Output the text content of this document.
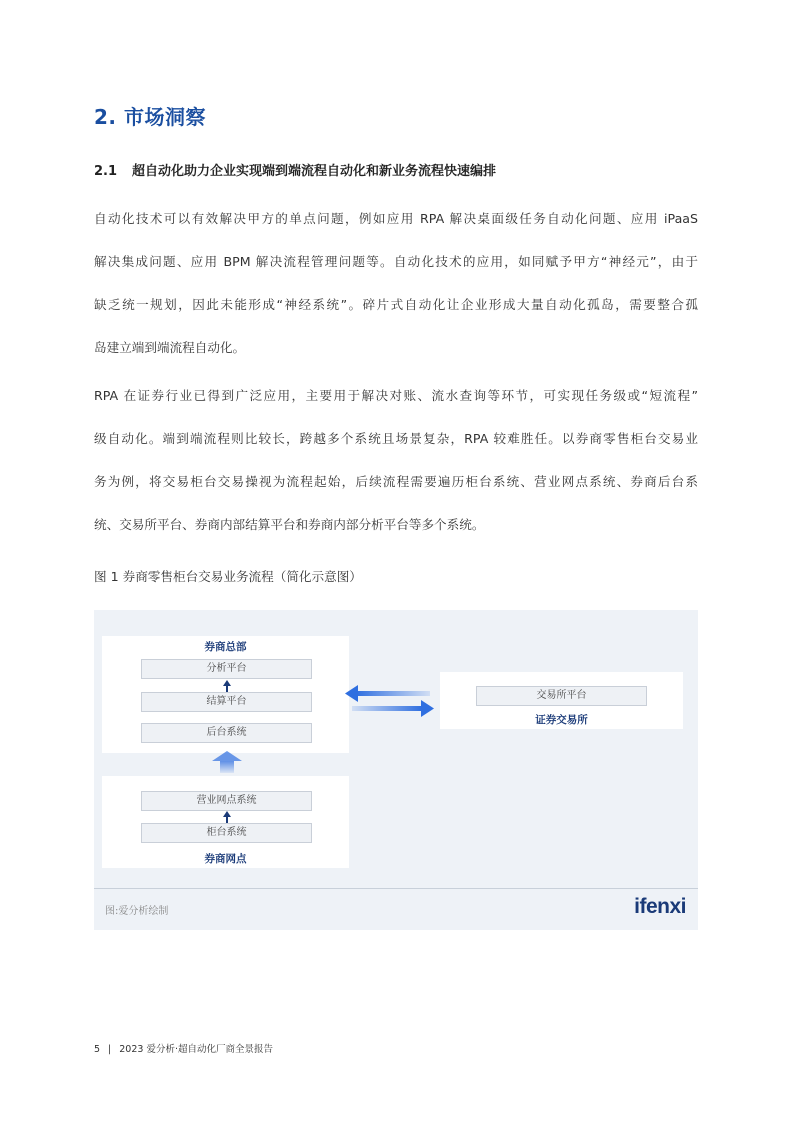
2. 市场洞察
2.1 超自动化助力企业实现端到端流程自动化和新业务流程快速编排
自动化技术可以有效解决甲方的单点问题，例如应用 RPA 解决桌面级任务自动化问题、应用 iPaaS
解决集成问题、应用 BPM 解决流程管理问题等。自动化技术的应用，如同赋予甲方“神经元”，由于
缺乏统一规划，因此未能形成“神经系统”。碎片式自动化让企业形成大量自动化孤岛，需要整合孤
岛建立端到端流程自动化。
RPA 在证券行业已得到广泛应用，主要用于解决对账、流水查询等环节，可实现任务级或“短流程”
级自动化。端到端流程则比较长，跨越多个系统且场景复杂，RPA 较难胜任。以券商零售柜台交易业
务为例，将交易柜台交易操视为流程起始，后续流程需要遍历柜台系统、营业网点系统、券商后台系
统、交易所平台、券商内部结算平台和券商内部分析平台等多个系统。
图 1 券商零售柜台交易业务流程（简化示意图）
券商总部
分析平台
结算平台
后台系统
营业网点系统
柜台系统
券商网点
交易所平台
证券交易所
图:爱分析绘制	ifenxi
5 | 2023 爱分析·超自动化厂商全景报告
